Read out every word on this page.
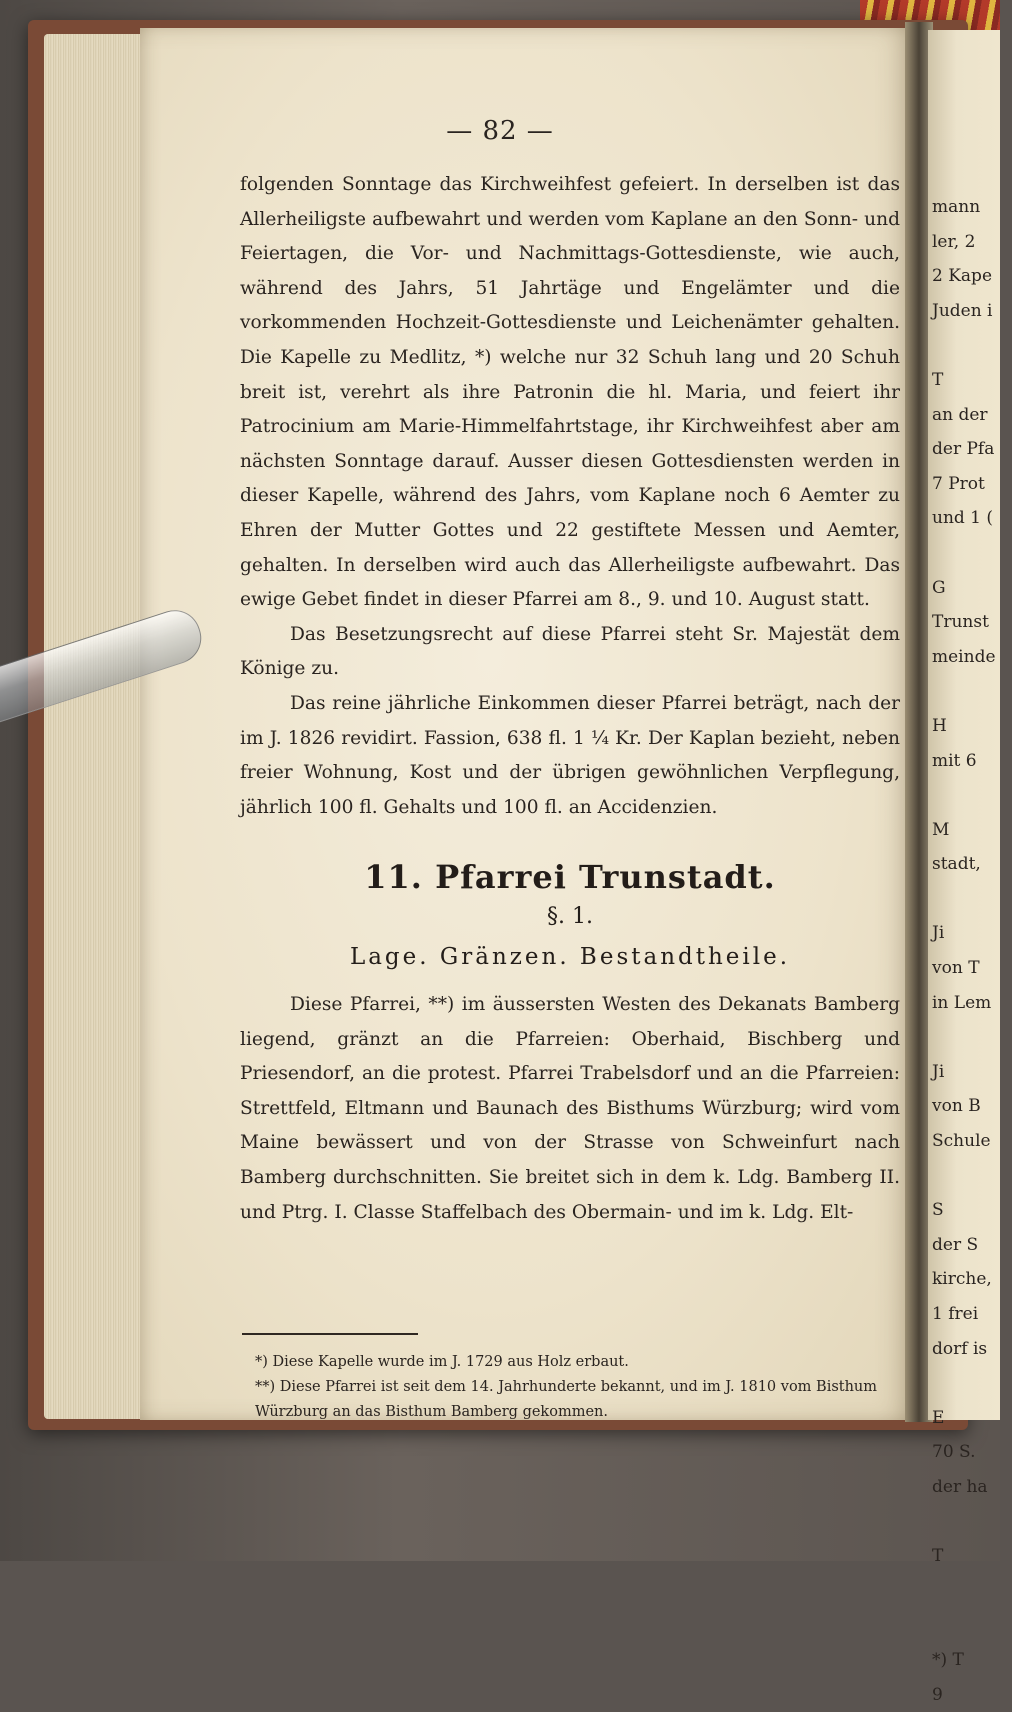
— 82 —

folgenden Sonntage das Kirchweihfest gefeiert. In derselben ist das Allerheiligste aufbewahrt und werden vom Kaplane an den Sonn- und Feiertagen, die Vor- und Nachmittags-Gottesdienste, wie auch, während des Jahrs, 51 Jahrtäge und Engelämter und die vorkommenden Hochzeit-Gottesdienste und Leichenämter gehalten. Die Kapelle zu Medlitz, *) welche nur 32 Schuh lang und 20 Schuh breit ist, verehrt als ihre Patronin die hl. Maria, und feiert ihr Patrocinium am Marie-Himmelfahrtstage, ihr Kirchweihfest aber am nächsten Sonntage darauf. Ausser diesen Gottesdiensten werden in dieser Kapelle, während des Jahrs, vom Kaplane noch 6 Aemter zu Ehren der Mutter Gottes und 22 gestiftete Messen und Aemter, gehalten. In derselben wird auch das Allerheiligste aufbewahrt. Das ewige Gebet findet in dieser Pfarrei am 8., 9. und 10. August statt.

Das Besetzungsrecht auf diese Pfarrei steht Sr. Majestät dem Könige zu.

Das reine jährliche Einkommen dieser Pfarrei beträgt, nach der im J. 1826 revidirt. Fassion, 638 fl. 1 ¼ Kr. Der Kaplan bezieht, neben freier Wohnung, Kost und der übrigen gewöhnlichen Verpflegung, jährlich 100 fl. Gehalts und 100 fl. an Accidenzien.

11. Pfarrei Trunstadt.
§. 1.
Lage. Gränzen. Bestandtheile.

Diese Pfarrei, **) im äussersten Westen des Dekanats Bamberg liegend, gränzt an die Pfarreien: Oberhaid, Bischberg und Priesendorf, an die protest. Pfarrei Trabelsdorf und an die Pfarreien: Strettfeld, Eltmann und Baunach des Bisthums Würzburg; wird vom Maine bewässert und von der Strasse von Schweinfurt nach Bamberg durchschnitten. Sie breitet sich in dem k. Ldg. Bamberg II. und Ptrg. I. Classe Staffelbach des Obermain- und im k. Ldg. Elt-

*) Diese Kapelle wurde im J. 1729 aus Holz erbaut.

**) Diese Pfarrei ist seit dem 14. Jahrhunderte bekannt, und im J. 1810 vom Bisthum Würzburg an das Bisthum Bamberg gekommen.

mann
ler, 2
2 Kape
Juden i

T
an der
der Pfa
7 Prot
und 1 (

G
Trunst
meinde

H
mit 6

M
stadt,

Ji
von T
in Lem

Ji
von B
Schule

S
der S
kirche,
1 frei
dorf is

E
70 S.
der ha

T

*) T
9
